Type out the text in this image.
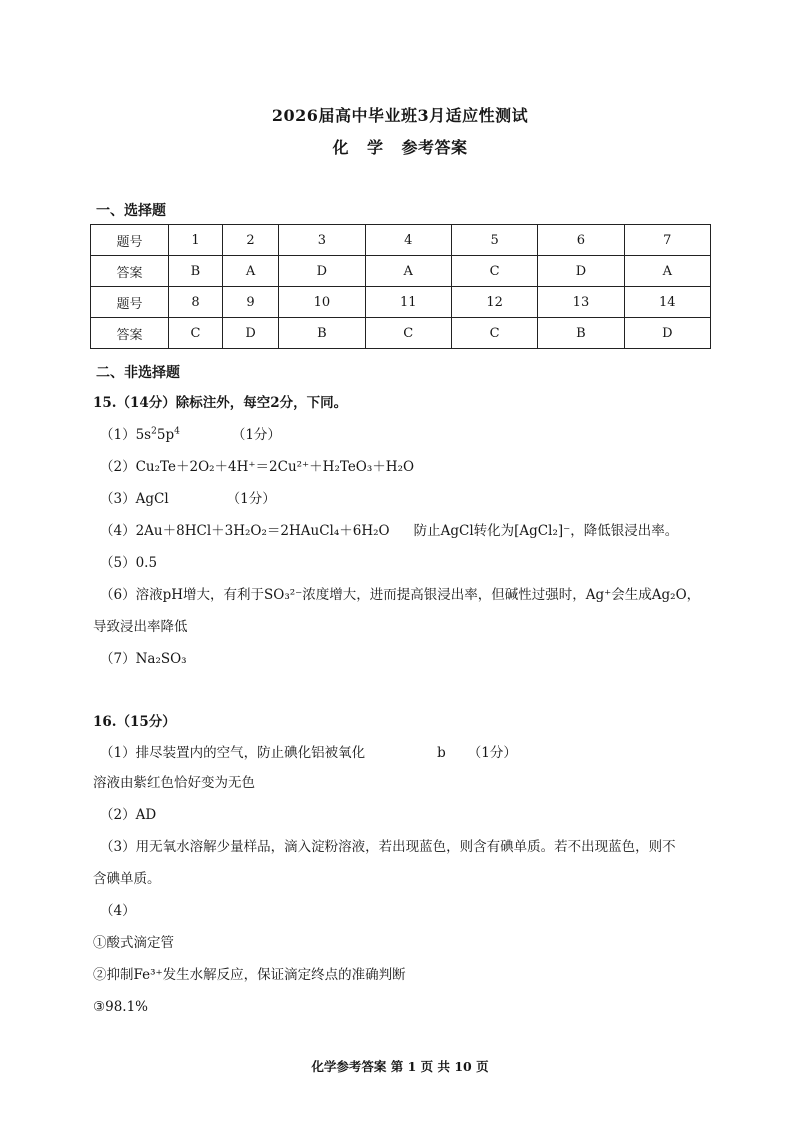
2026届高中毕业班3月适应性测试
化 学 参考答案
一、选择题
题号	1	2	3	4	5	6	7
答案	B	A	D	A	C	D	A
题号	8	9	10	11	12	13	14
答案	C	D	B	C	C	B	D
二、非选择题
15.（14分）除标注外，每空2分，下同。
$(1)5s^25p^4$	（1分）
（2）Cu₂Te＋2O₂＋4H⁺＝2Cu²⁺＋H₂TeO₃＋H₂O
（3）AgCl	（1分）
（4）2Au＋8HCl＋3H₂O₂＝2HAuCl₄＋6H₂O 防止AgCl转化为[AgCl₂]⁻，降低银浸出率。
（5）0.5
（6）溶液pH增大，有利于SO₃²⁻浓度增大，进而提高银浸出率，但碱性过强时，Ag⁺会生成Ag₂O，
导致浸出率降低
（7）Na₂SO₃
16.（15分）
（1）排尽装置内的空气，防止碘化铝被氧化	b （1分）
溶液由紫红色恰好变为无色
（2）AD
（3）用无氧水溶解少量样品，滴入淀粉溶液，若出现蓝色，则含有碘单质。若不出现蓝色，则不
含碘单质。
（4）
①酸式滴定管
②抑制Fe³⁺发生水解反应，保证滴定终点的准确判断
③98.1%
化学参考答案 第 1 页 共 10 页
